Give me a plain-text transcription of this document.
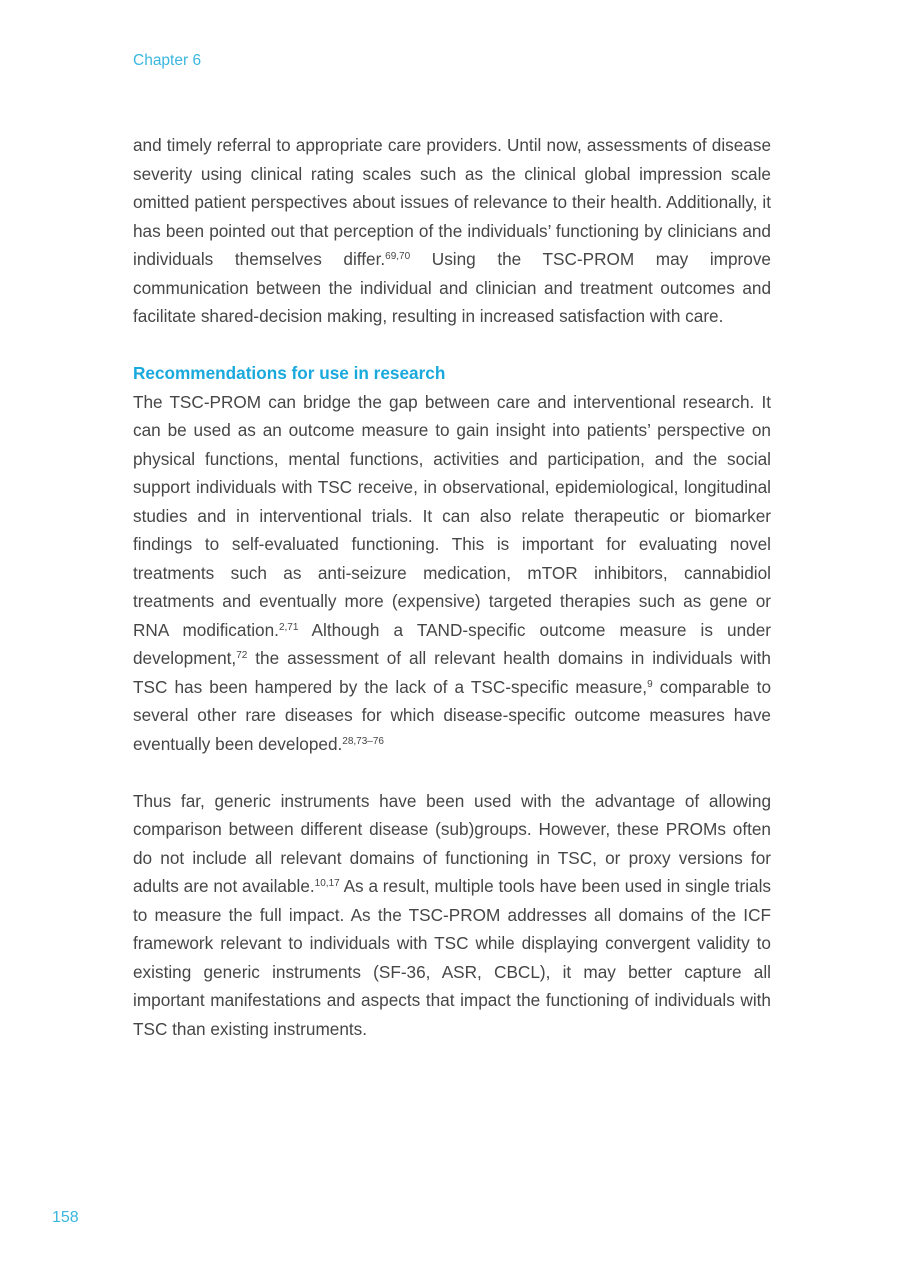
Chapter 6

and timely referral to appropriate care providers. Until now, assessments of disease severity using clinical rating scales such as the clinical global impression scale omitted patient perspectives about issues of relevance to their health. Additionally, it has been pointed out that perception of the individuals’ functioning by clinicians and individuals themselves differ.$^{69,70}$ Using the TSC-PROM may improve communication between the individual and clinician and treatment outcomes and facilitate shared-decision making, resulting in increased satisfaction with care.

Recommendations for use in research

The TSC-PROM can bridge the gap between care and interventional research. It can be used as an outcome measure to gain insight into patients’ perspective on physical functions, mental functions, activities and participation, and the social support individuals with TSC receive, in observational, epidemiological, longitudinal studies and in interventional trials. It can also relate therapeutic or biomarker findings to self-evaluated functioning. This is important for evaluating novel treatments such as anti-seizure medication, mTOR inhibitors, cannabidiol treatments and eventually more (expensive) targeted therapies such as gene or RNA modification.$^{2,71}$ Although a TAND-specific outcome measure is under development,$^{72}$ the assessment of all relevant health domains in individuals with TSC has been hampered by the lack of a TSC-specific measure,$^9$ comparable to several other rare diseases for which disease-specific outcome measures have eventually been developed.$^{28,73-76}$

Thus far, generic instruments have been used with the advantage of allowing comparison between different disease (sub)groups. However, these PROMs often do not include all relevant domains of functioning in TSC, or proxy versions for adults are not available.$^{10,17}$ As a result, multiple tools have been used in single trials to measure the full impact. As the TSC-PROM addresses all domains of the ICF framework relevant to individuals with TSC while displaying convergent validity to existing generic instruments (SF-36, ASR, CBCL), it may better capture all important manifestations and aspects that impact the functioning of individuals with TSC than existing instruments.

158
